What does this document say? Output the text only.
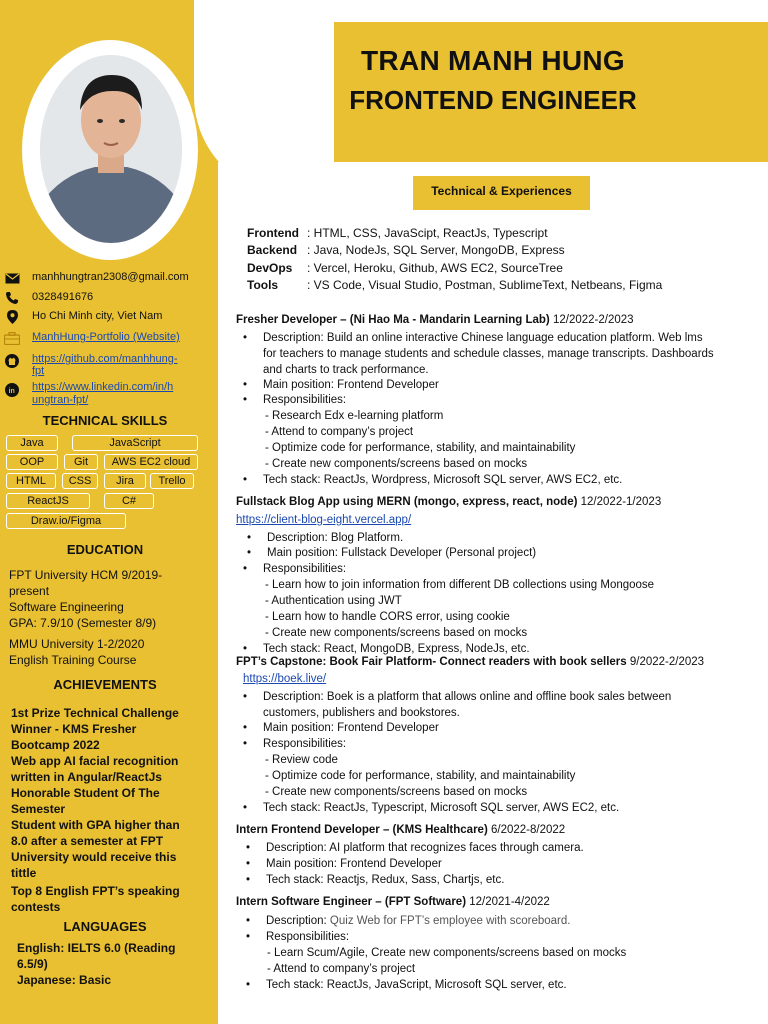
TRAN MANH HUNG
FRONTEND ENGINEER
manhhungtran2308@gmail.com
0328491676
Ho Chi Minh city, Viet Nam
ManhHung-Portfolio (Website)
https://github.com/manhhung-
fpt
in https://www.linkedin.com/in/h
ungtran-fpt/
TECHNICAL SKILLS
Java	JavaScript
OOP	Git	AWS EC2 cloud
HTML	CSS	Jira	Trello
ReactJS	C#
Draw.io/Figma
EDUCATION
FPT University HCM 9/2019-
present
Software Engineering
GPA: 7.9/10 (Semester 8/9)
MMU University 1-2/2020
English Training Course
ACHIEVEMENTS
1st Prize Technical Challenge
Winner - KMS Fresher
Bootcamp 2022
Web app AI facial recognition
written in Angular/ReactJs
Honorable Student Of The
Semester
Student with GPA higher than
8.0 after a semester at FPT
University would receive this
tittle
Top 8 English FPT’s speaking
contests
LANGUAGES
English: IELTS 6.0 (Reading
6.5/9)
Japanese: Basic
Technical & Experiences
Frontend : HTML, CSS, JavaScipt, ReactJs, Typescript
Backend : Java, NodeJs, SQL Server, MongoDB, Express
DevOps	: Vercel, Heroku, Github, AWS EC2, SourceTree
Tools	: VS Code, Visual Studio, Postman, SublimeText, Netbeans, Figma
Fresher Developer – (Ni Hao Ma - Mandarin Learning Lab) 12/2022-2/2023
• Description: Build an online interactive Chinese language education platform. Web lms
for teachers to manage students and schedule classes, manage transcripts. Dashboards
and charts to track performance.
• Main position: Frontend Developer
• Responsibilities:
- Research Edx e-learning platform
- Attend to company’s project
- Optimize code for performance, stability, and maintainability
- Create new components/screens based on mocks
• Tech stack: ReactJs, Wordpress, Microsoft SQL server, AWS EC2, etc.
Fullstack Blog App using MERN (mongo, express, react, node) 12/2022-1/2023
https://client-blog-eight.vercel.app/
• Description: Blog Platform.
• Main position: Fullstack Developer (Personal project)
• Responsibilities:
- Learn how to join information from different DB collections using Mongoose
- Authentication using JWT
- Learn how to handle CORS error, using cookie
- Create new components/screens based on mocks
• Tech stack: React, MongoDB, Express, NodeJs, etc.
FPT’s Capstone: Book Fair Platform- Connect readers with book sellers 9/2022-2/2023
https://boek.live/
• Description: Boek is a platform that allows online and offline book sales between
customers, publishers and bookstores.
• Main position: Frontend Developer
• Responsibilities:
- Review code
- Optimize code for performance, stability, and maintainability
- Create new components/screens based on mocks
• Tech stack: ReactJs, Typescript, Microsoft SQL server, AWS EC2, etc.
Intern Frontend Developer – (KMS Healthcare) 6/2022-8/2022
• Description: AI platform that recognizes faces through camera.
• Main position: Frontend Developer
• Tech stack: Reactjs, Redux, Sass, Chartjs, etc.
Intern Software Engineer – (FPT Software) 12/2021-4/2022
• Description: Quiz Web for FPT’s employee with scoreboard.
• Responsibilities:
- Learn Scum/Agile, Create new components/screens based on mocks
- Attend to company’s project
• Tech stack: ReactJs, JavaScript, Microsoft SQL server, etc.
